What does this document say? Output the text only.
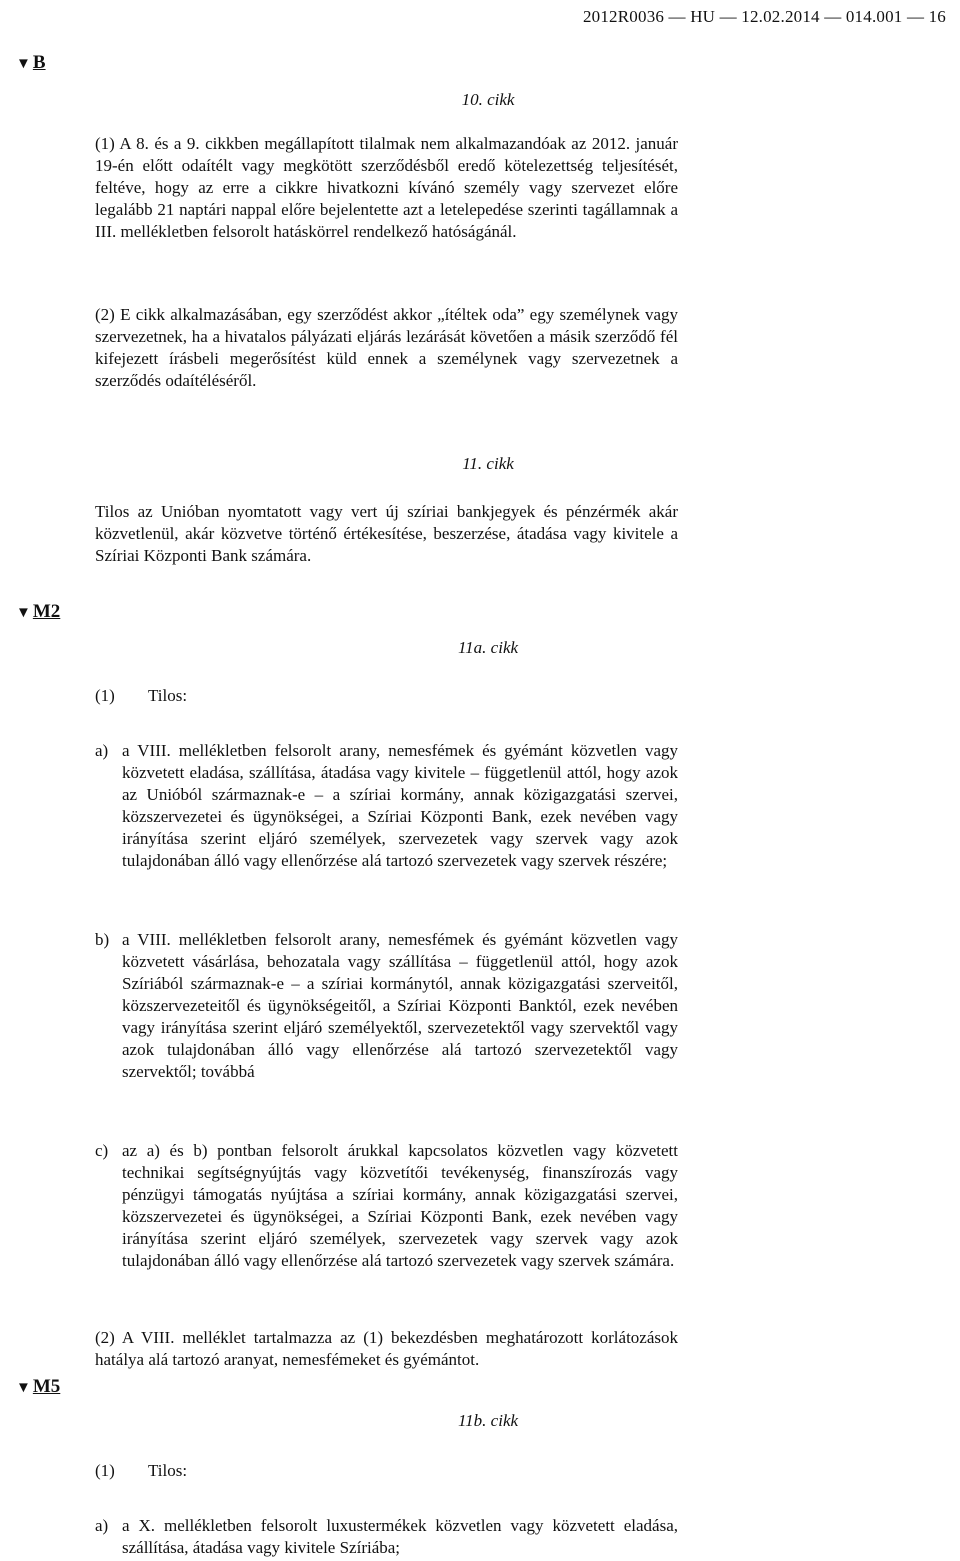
2012R0036 — HU — 12.02.2014 — 014.001 — 16
▼ B
10. cikk
(1) A 8. és a 9. cikkben megállapított tilalmak nem alkalmazandóak az 2012. január 19-én előtt odaítélt vagy megkötött szerződésből eredő kötelezettség teljesítését, feltéve, hogy az erre a cikkre hivatkozni kívánó személy vagy szervezet előre legalább 21 naptári nappal előre bejelentette azt a letelepedése szerinti tagállamnak a III. mellékletben felsorolt hatáskörrel rendelkező hatóságánál.
(2) E cikk alkalmazásában, egy szerződést akkor „ítéltek oda” egy személynek vagy szervezetnek, ha a hivatalos pályázati eljárás lezárását követően a másik szerződő fél kifejezett írásbeli megerősítést küld ennek a személynek vagy szervezetnek a szerződés odaítéléséről.
11. cikk
Tilos az Unióban nyomtatott vagy vert új szíriai bankjegyek és pénzérmék akár közvetlenül, akár közvetve történő értékesítése, beszerzése, átadása vagy kivitele a Szíriai Központi Bank számára.
▼ M2
11a. cikk
(1) Tilos:
a) a VIII. mellékletben felsorolt arany, nemesfémek és gyémánt közvetlen vagy közvetett eladása, szállítása, átadása vagy kivitele – függetlenül attól, hogy azok az Unióból származnak-e – a szíriai kormány, annak közigazgatási szervei, közszervezetei és ügynökségei, a Szíriai Központi Bank, ezek nevében vagy irányítása szerint eljáró személyek, szervezetek vagy szervek vagy azok tulajdonában álló vagy ellenőrzése alá tartozó szervezetek vagy szervek részére;
b) a VIII. mellékletben felsorolt arany, nemesfémek és gyémánt közvetlen vagy közvetett vásárlása, behozatala vagy szállítása – függetlenül attól, hogy azok Szíriából származnak-e – a szíriai kormánytól, annak közigazgatási szerveitől, közszervezeteitől és ügynökségeitől, a Szíriai Központi Banktól, ezek nevében vagy irányítása szerint eljáró személyektől, szervezetektől vagy szervektől vagy azok tulajdonában álló vagy ellenőrzése alá tartozó szervezetektől vagy szervektől; továbbá
c) az a) és b) pontban felsorolt árukkal kapcsolatos közvetlen vagy közvetett technikai segítségnyújtás vagy közvetítői tevékenység, finanszírozás vagy pénzügyi támogatás nyújtása a szíriai kormány, annak közigazgatási szervei, közszervezetei és ügynökségei, a Szíriai Központi Bank, ezek nevében vagy irányítása szerint eljáró személyek, szervezetek vagy szervek vagy azok tulajdonában álló vagy ellenőrzése alá tartozó szervezetek vagy szervek számára.
(2) A VIII. melléklet tartalmazza az (1) bekezdésben meghatározott korlátozások hatálya alá tartozó aranyat, nemesfémeket és gyémántot.
▼ M5
11b. cikk
(1) Tilos:
a) a X. mellékletben felsorolt luxustermékek közvetlen vagy közvetett eladása, szállítása, átadása vagy kivitele Szíriába;
